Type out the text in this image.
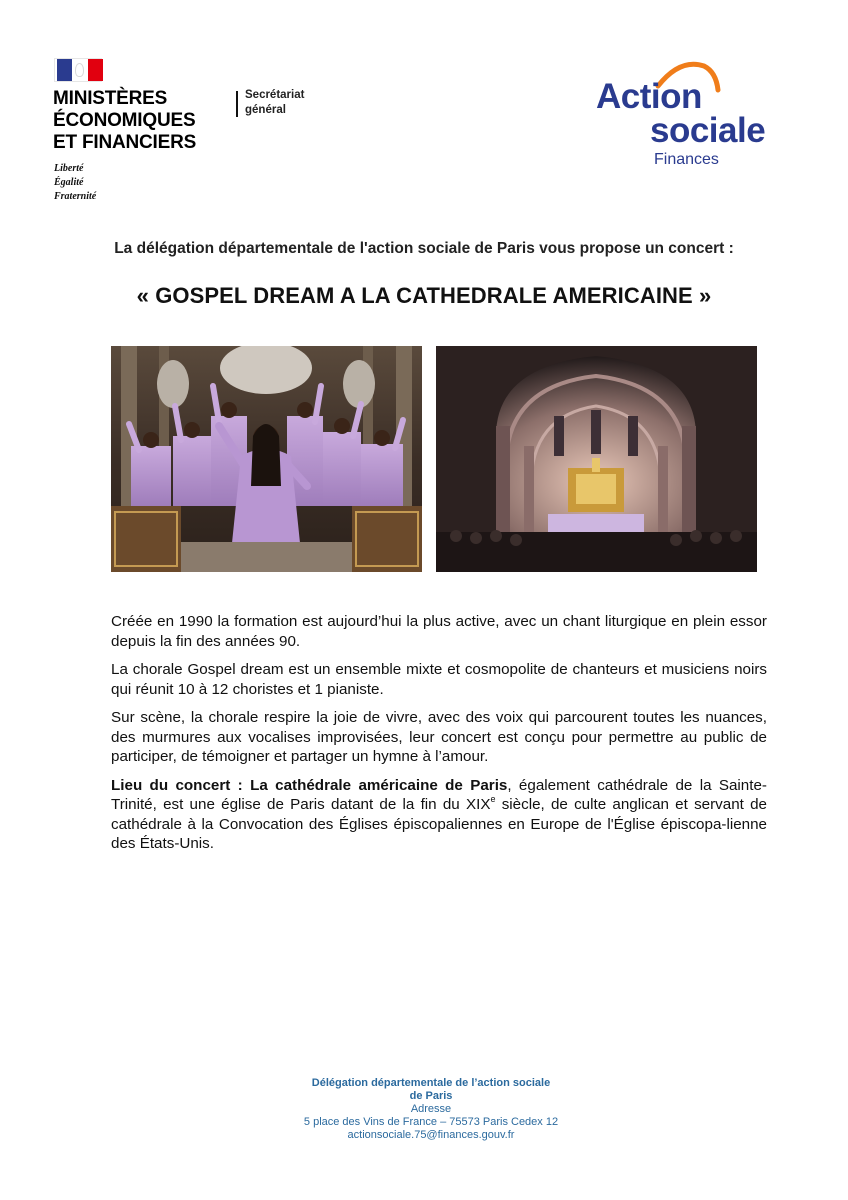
MINISTÈRES
ÉCONOMIQUES
ET FINANCIERS
Liberté
Égalité
Fraternité
Secrétariat
général	Action
sociale
Finances
La délégation départementale de l'action sociale de Paris vous propose un concert :
« GOSPEL DREAM A LA CATHEDRALE AMERICAINE »

Créée en 1990 la formation est aujourd’hui la plus active, avec un chant liturgique en plein essor depuis la fin des années 90.

La chorale Gospel dream est un ensemble mixte et cosmopolite de chanteurs et musiciens noirs qui réunit 10 à 12 choristes et 1 pianiste.

Sur scène, la chorale respire la joie de vivre, avec des voix qui parcourent toutes les nuances, des murmures aux vocalises improvisées, leur concert est conçu pour permettre au public de participer, de témoigner et partager un hymne à l’amour.

Lieu du concert : La cathédrale américaine de Paris, également cathédrale de la Sainte-Trinité, est une église de Paris datant de la fin du XIXe siècle, de culte anglican et servant de cathédrale à la Convocation des Églises épiscopaliennes en Europe de l'Église épiscopa-lienne des États-Unis.

Délégation départementale de l’action sociale
de Paris
Adresse
5 place des Vins de France – 75573 Paris Cedex 12
actionsociale.75@finances.gouv.fr
